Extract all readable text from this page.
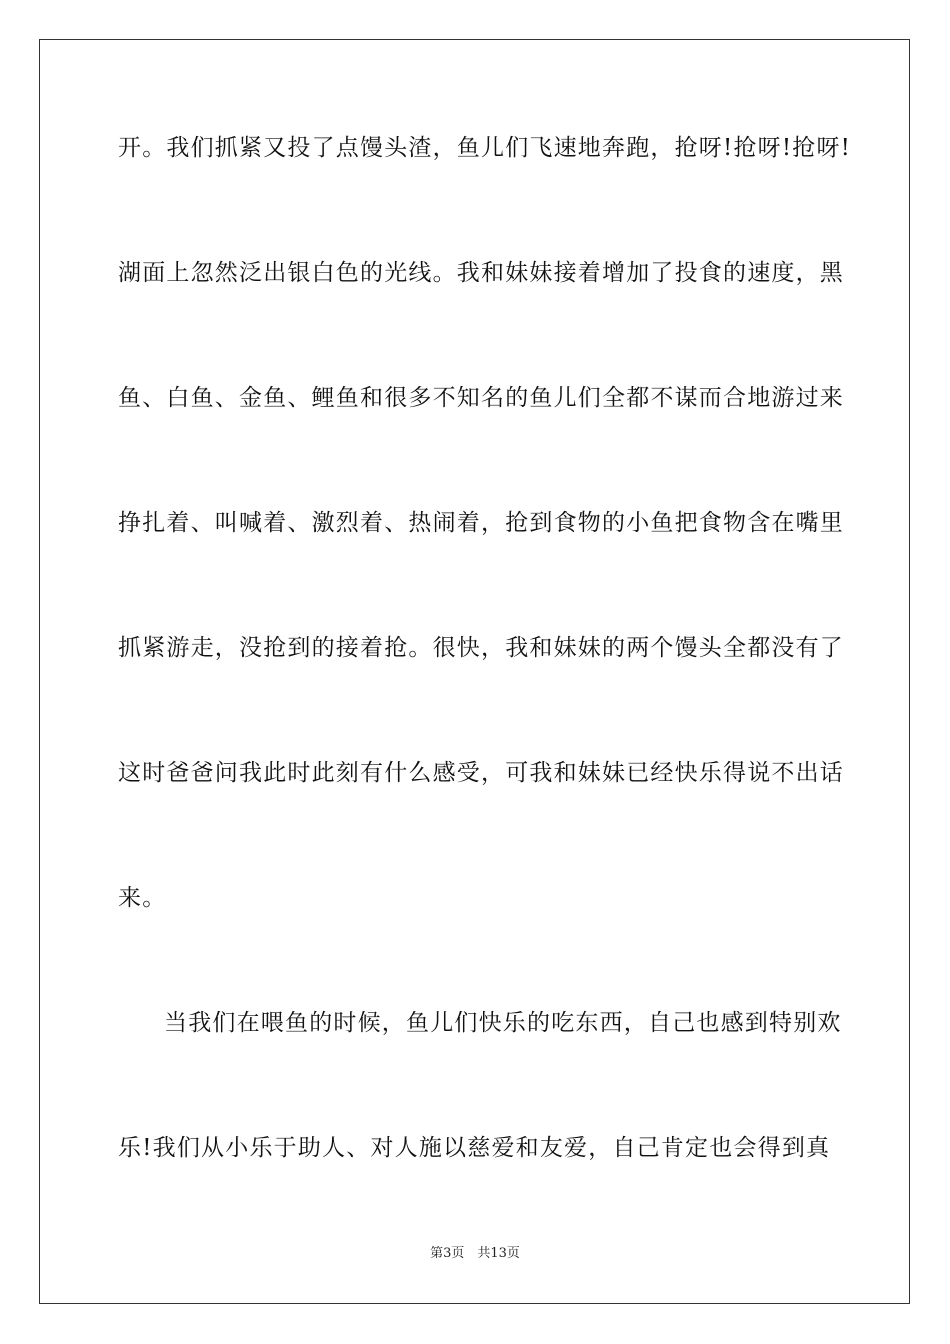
开。我们抓紧又投了点馒头渣，鱼儿们飞速地奔跑，抢呀!抢呀!抢呀!
湖面上忽然泛出银白色的光线。我和妹妹接着增加了投食的速度，黑
鱼、白鱼、金鱼、鲤鱼和很多不知名的鱼儿们全都不谋而合地游过来
挣扎着、叫喊着、激烈着、热闹着，抢到食物的小鱼把食物含在嘴里
抓紧游走，没抢到的接着抢。很快，我和妹妹的两个馒头全都没有了
这时爸爸问我此时此刻有什么感受，可我和妹妹已经快乐得说不出话
来。
当我们在喂鱼的时候，鱼儿们快乐的吃东西，自己也感到特别欢
乐!我们从小乐于助人、对人施以慈爱和友爱，自己肯定也会得到真
第3页　共13页
